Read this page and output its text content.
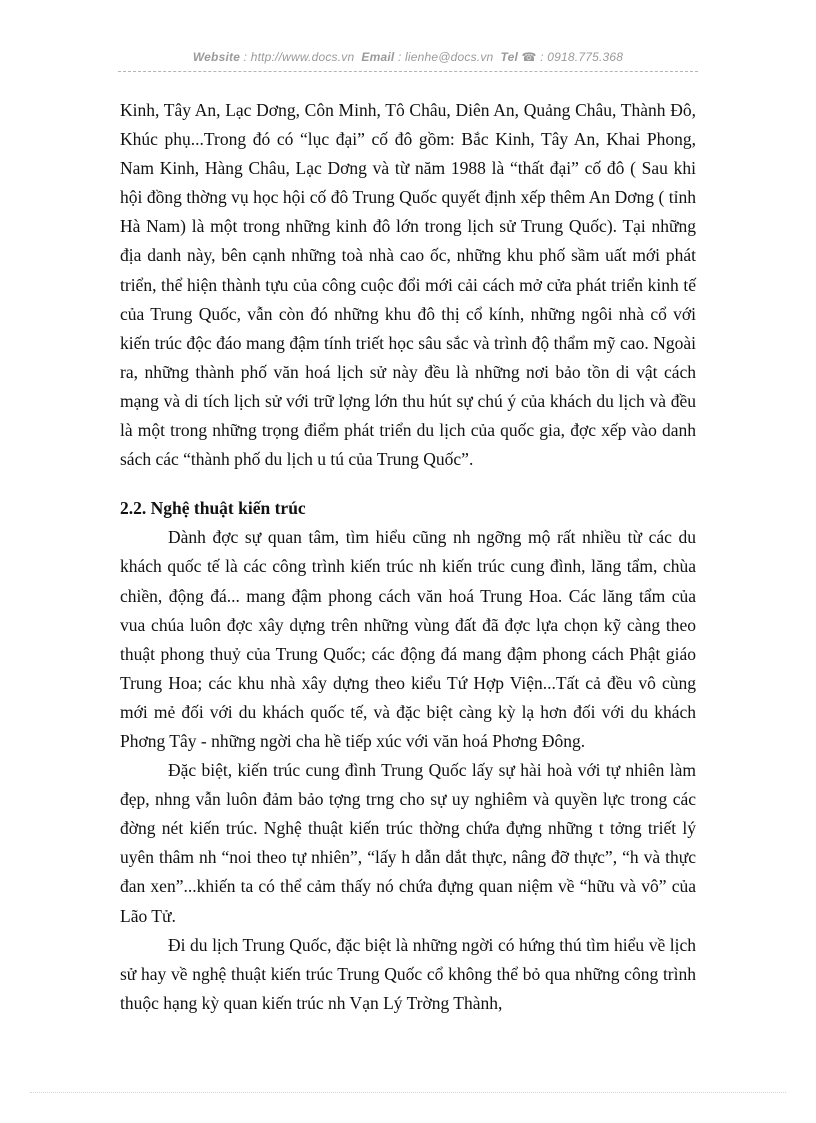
Website : http://www.docs.vn Email : lienhe@docs.vn Tel ☎ : 0918.775.368

Kinh, Tây An, Lạc Dơng, Côn Minh, Tô Châu, Diên An, Quảng Châu, Thành Đô, Khúc phụ...Trong đó có “lục đại” cố đô gồm: Bắc Kinh, Tây An, Khai Phong, Nam Kinh, Hàng Châu, Lạc Dơng và từ năm 1988 là “thất đại” cố đô ( Sau khi hội đồng thờng vụ học hội cố đô Trung Quốc quyết định xếp thêm An Dơng ( tỉnh Hà Nam) là một trong những kinh đô lớn trong lịch sử Trung Quốc). Tại những địa danh này, bên cạnh những toà nhà cao ốc, những khu phố sầm uất mới phát triển, thể hiện thành tựu của công cuộc đổi mới cải cách mở cửa phát triển kinh tế của Trung Quốc, vẫn còn đó những khu đô thị cổ kính, những ngôi nhà cổ với kiến trúc độc đáo mang đậm tính triết học sâu sắc và trình độ thẩm mỹ cao. Ngoài ra, những thành phố văn hoá lịch sử này đều là những nơi bảo tồn di vật cách mạng và di tích lịch sử với trữ lợng lớn thu hút sự chú ý của khách du lịch và đều là một trong những trọng điểm phát triển du lịch của quốc gia, đợc xếp vào danh sách các “thành phố du lịch u tú của Trung Quốc”.

2.2. Nghệ thuật kiến trúc

Dành đợc sự quan tâm, tìm hiểu cũng nh ngỡng mộ rất nhiều từ các du khách quốc tế là các công trình kiến trúc nh kiến trúc cung đình, lăng tẩm, chùa chiền, động đá... mang đậm phong cách văn hoá Trung Hoa. Các lăng tẩm của vua chúa luôn đợc xây dựng trên những vùng đất đã đợc lựa chọn kỹ càng theo thuật phong thuỷ của Trung Quốc; các động đá mang đậm phong cách Phật giáo Trung Hoa; các khu nhà xây dựng theo kiểu Tứ Hợp Viện...Tất cả đều vô cùng mới mẻ đối với du khách quốc tế, và đặc biệt càng kỳ lạ hơn đối với du khách Phơng Tây - những ngời cha hề tiếp xúc với văn hoá Phơng Đông.

Đặc biệt, kiến trúc cung đình Trung Quốc lấy sự hài hoà với tự nhiên làm đẹp, nhng vẫn luôn đảm bảo tợng trng cho sự uy nghiêm và quyền lực trong các đờng nét kiến trúc. Nghệ thuật kiến trúc thờng chứa đựng những t tởng triết lý uyên thâm nh “noi theo tự nhiên”, “lấy h dẫn dắt thực, nâng đỡ thực”, “h và thực đan xen”...khiến ta có thể cảm thấy nó chứa đựng quan niệm về “hữu và vô” của Lão Tử.

Đi du lịch Trung Quốc, đặc biệt là những ngời có hứng thú tìm hiểu về lịch sử hay về nghệ thuật kiến trúc Trung Quốc cổ không thể bỏ qua những công trình thuộc hạng kỳ quan kiến trúc nh Vạn Lý Trờng Thành,
